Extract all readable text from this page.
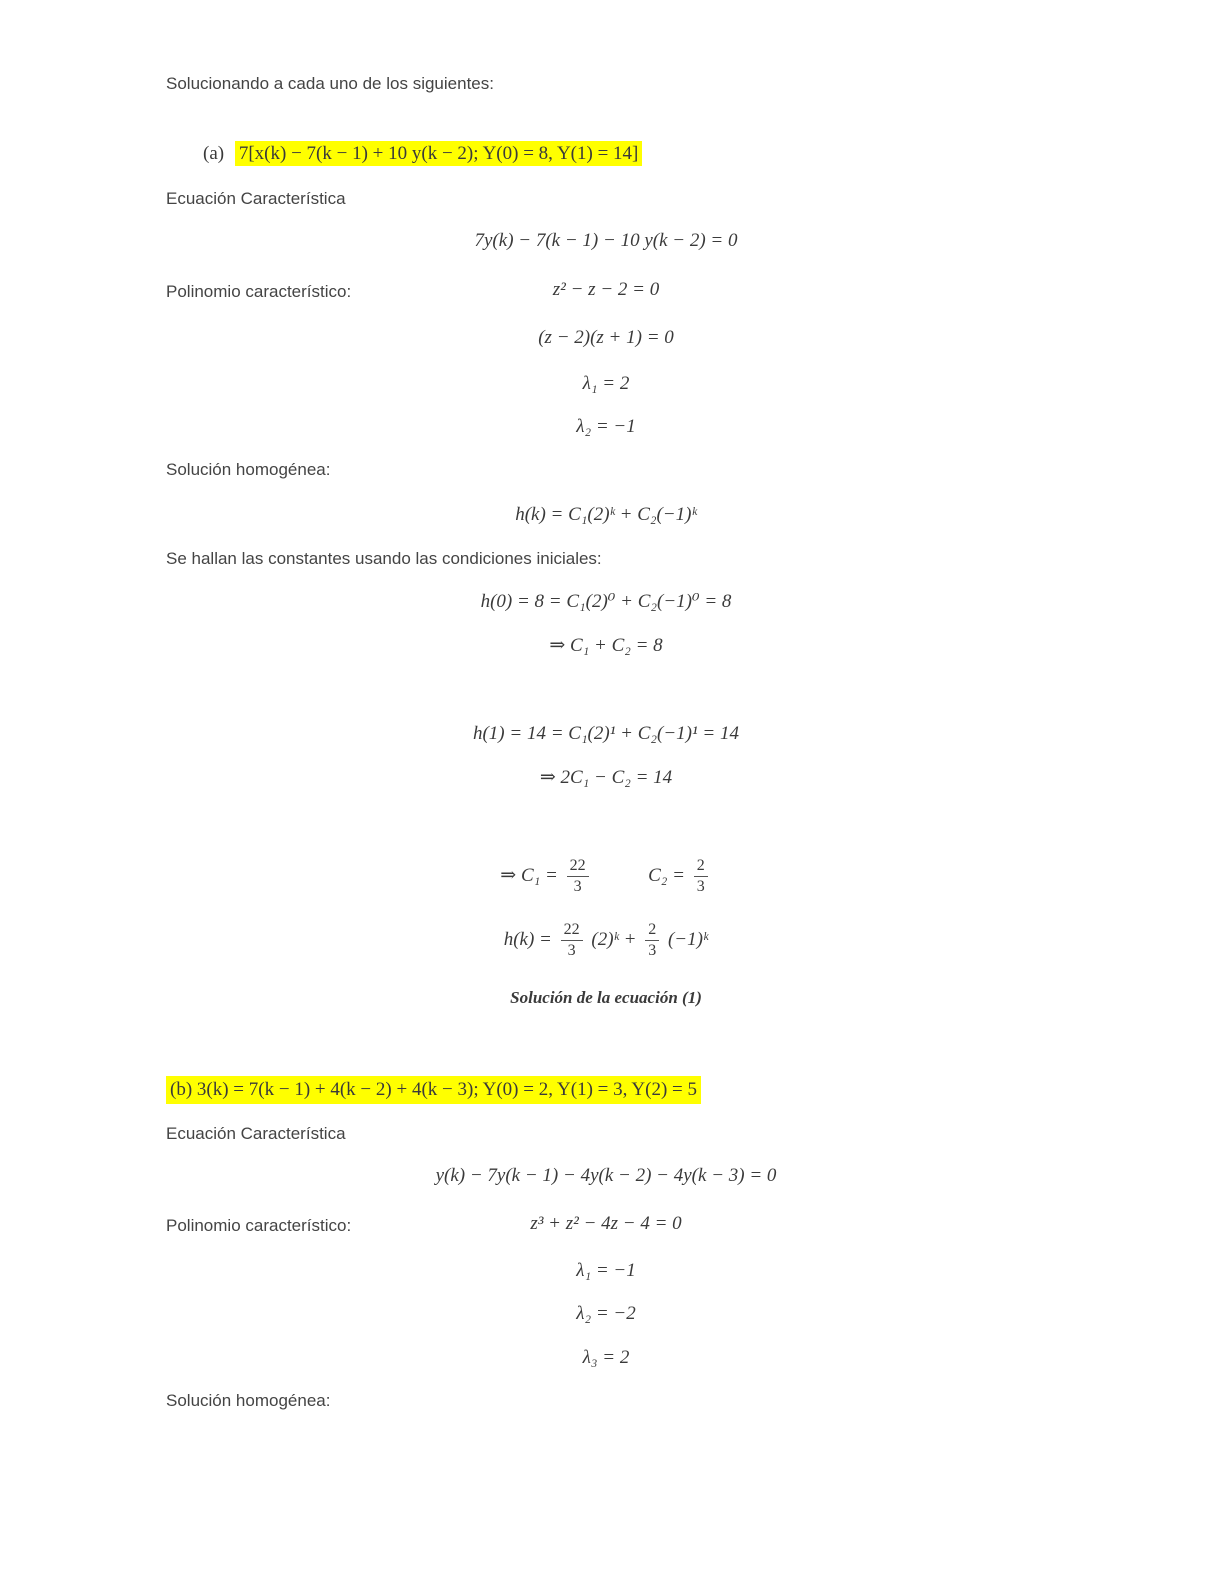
Solucionando a cada uno de los siguientes:
(a) 7[x(k) − 7(k − 1) + 10 y(k − 2); Y(0) = 8, Y(1) = 14]
Ecuación Característica
7y(k) − 7(k − 1) − 10 y(k − 2) = 0
Polinomio característico:	z² − z − 2 = 0
(z − 2)(z + 1) = 0
λ₁ = 2
λ₂ = −1
Solución homogénea:
h(k) = C₁(2)ᵏ + C₂(−1)ᵏ
Se hallan las constantes usando las condiciones iniciales:
h(0) = 8 = C₁(2)⁰ + C₂(−1)⁰ = 8
⇒ C₁ + C₂ = 8
h(1) = 14 = C₁(2)¹ + C₂(−1)¹ = 14
⇒ 2C₁ − C₂ = 14
⇒ $C_1 = \frac{22}{3}$	$C_2 = \frac{2}{3}$
$h(k) = \frac{22}{3}$ (2)ᵏ + $\frac{2}{3}$ (−1)ᵏ
Solución de la ecuación (1)
(b) 3(k) = 7(k − 1) + 4(k − 2) + 4(k − 3); Y(0) = 2, Y(1) = 3, Y(2) = 5
Ecuación Característica
y(k) − 7y(k − 1) − 4y(k − 2) − 4y(k − 3) = 0
Polinomio característico:	z³ + z² − 4z − 4 = 0
λ₁ = −1
λ₂ = −2
λ₃ = 2
Solución homogénea:
